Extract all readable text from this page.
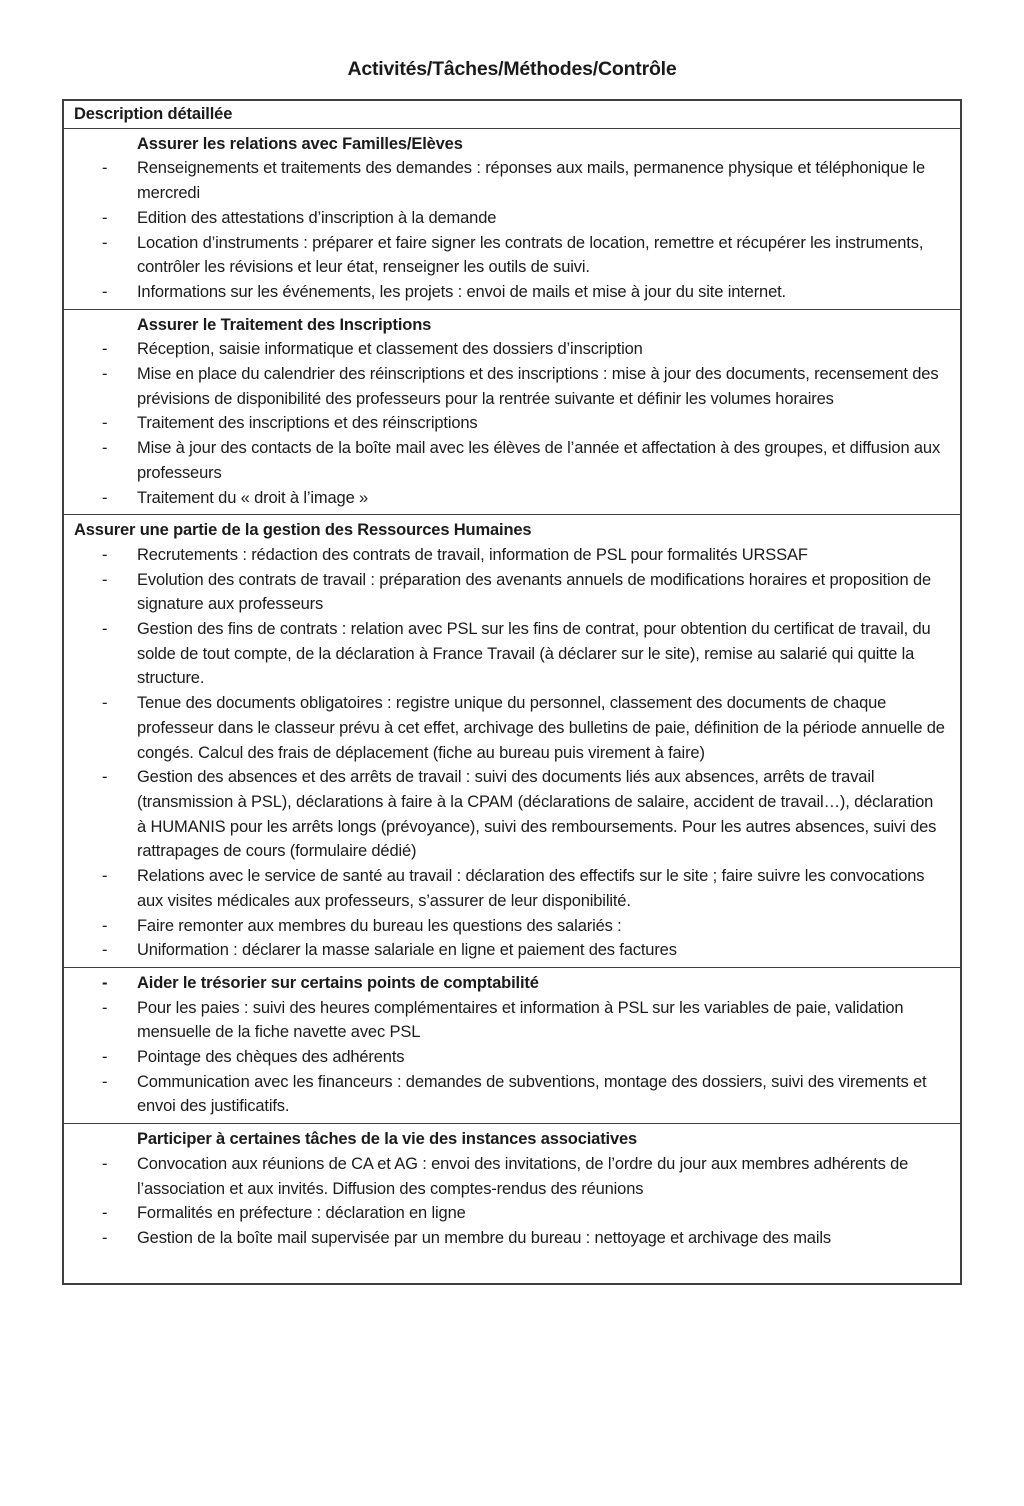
Activités/Tâches/Méthodes/Contrôle
Description détaillée
Assurer les relations avec Familles/Elèves
-	Renseignements et traitements des demandes : réponses aux mails, permanence physique et téléphonique le mercredi
-	Edition des attestations d’inscription à la demande
-	Location d’instruments : préparer et faire signer les contrats de location, remettre et récupérer les instruments, contrôler les révisions et leur état, renseigner les outils de suivi.
-	Informations sur les événements, les projets : envoi de mails et mise à jour du site internet.
Assurer le Traitement des Inscriptions
-	Réception, saisie informatique et classement des dossiers d’inscription
-	Mise en place du calendrier des réinscriptions et des inscriptions : mise à jour des documents, recensement des prévisions de disponibilité des professeurs pour la rentrée suivante et définir les volumes horaires
-	Traitement des inscriptions et des réinscriptions
-	Mise à jour des contacts de la boîte mail avec les élèves de l’année et affectation à des groupes, et diffusion aux professeurs
-	Traitement du « droit à l’image »
Assurer une partie de la gestion des Ressources Humaines
-	Recrutements : rédaction des contrats de travail, information de PSL pour formalités URSSAF
-	Evolution des contrats de travail : préparation des avenants annuels de modifications horaires et proposition de signature aux professeurs
-	Gestion des fins de contrats : relation avec PSL sur les fins de contrat, pour obtention du certificat de travail, du solde de tout compte, de la déclaration à France Travail (à déclarer sur le site), remise au salarié qui quitte la structure.
-	Tenue des documents obligatoires : registre unique du personnel, classement des documents de chaque professeur dans le classeur prévu à cet effet, archivage des bulletins de paie, définition de la période annuelle de congés. Calcul des frais de déplacement (fiche au bureau puis virement à faire)
-	Gestion des absences et des arrêts de travail : suivi des documents liés aux absences, arrêts de travail (transmission à PSL), déclarations à faire à la CPAM (déclarations de salaire, accident de travail…), déclaration à HUMANIS pour les arrêts longs (prévoyance), suivi des remboursements. Pour les autres absences, suivi des rattrapages de cours (formulaire dédié)
-	Relations avec le service de santé au travail : déclaration des effectifs sur le site ; faire suivre les convocations aux visites médicales aux professeurs, s’assurer de leur disponibilité.
-	Faire remonter aux membres du bureau les questions des salariés :
-	Uniformation : déclarer la masse salariale en ligne et paiement des factures
-	Aider le trésorier sur certains points de comptabilité
-	Pour les paies : suivi des heures complémentaires et information à PSL sur les variables de paie, validation mensuelle de la fiche navette avec PSL
-	Pointage des chèques des adhérents
-	Communication avec les financeurs : demandes de subventions, montage des dossiers, suivi des virements et envoi des justificatifs.
Participer à certaines tâches de la vie des instances associatives
-	Convocation aux réunions de CA et AG : envoi des invitations, de l’ordre du jour aux membres adhérents de l’association et aux invités. Diffusion des comptes-rendus des réunions
-	Formalités en préfecture : déclaration en ligne
-	Gestion de la boîte mail supervisée par un membre du bureau : nettoyage et archivage des mails
